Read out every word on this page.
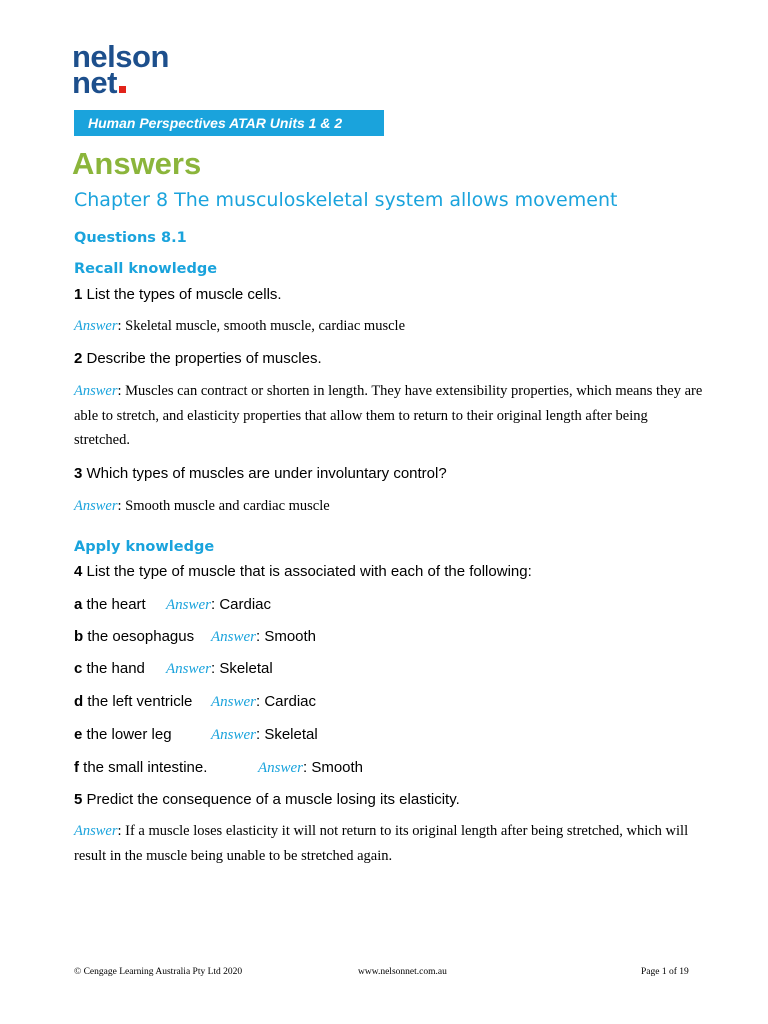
nelson
net
Human Perspectives ATAR Units 1 & 2
Answers
Chapter 8 The musculoskeletal system allows movement
Questions 8.1
Recall knowledge
1 List the types of muscle cells.
Answer: Skeletal muscle, smooth muscle, cardiac muscle
2 Describe the properties of muscles.
Answer: Muscles can contract or shorten in length. They have extensibility properties, which means they are able to stretch, and elasticity properties that allow them to return to their original length after being stretched.
3 Which types of muscles are under involuntary control?
Answer: Smooth muscle and cardiac muscle
Apply knowledge
4 List the type of muscle that is associated with each of the following:
a the heart Answer: Cardiac
b the oesophagus Answer: Smooth
c the hand Answer: Skeletal
d the left ventricle Answer: Cardiac
e the lower leg	Answer: Skeletal
f the small intestine.	Answer: Smooth
5 Predict the consequence of a muscle losing its elasticity.
Answer: If a muscle loses elasticity it will not return to its original length after being stretched, which will result in the muscle being unable to be stretched again.
© Cengage Learning Australia Pty Ltd 2020	www.nelsonnet.com.au	Page 1 of 19
